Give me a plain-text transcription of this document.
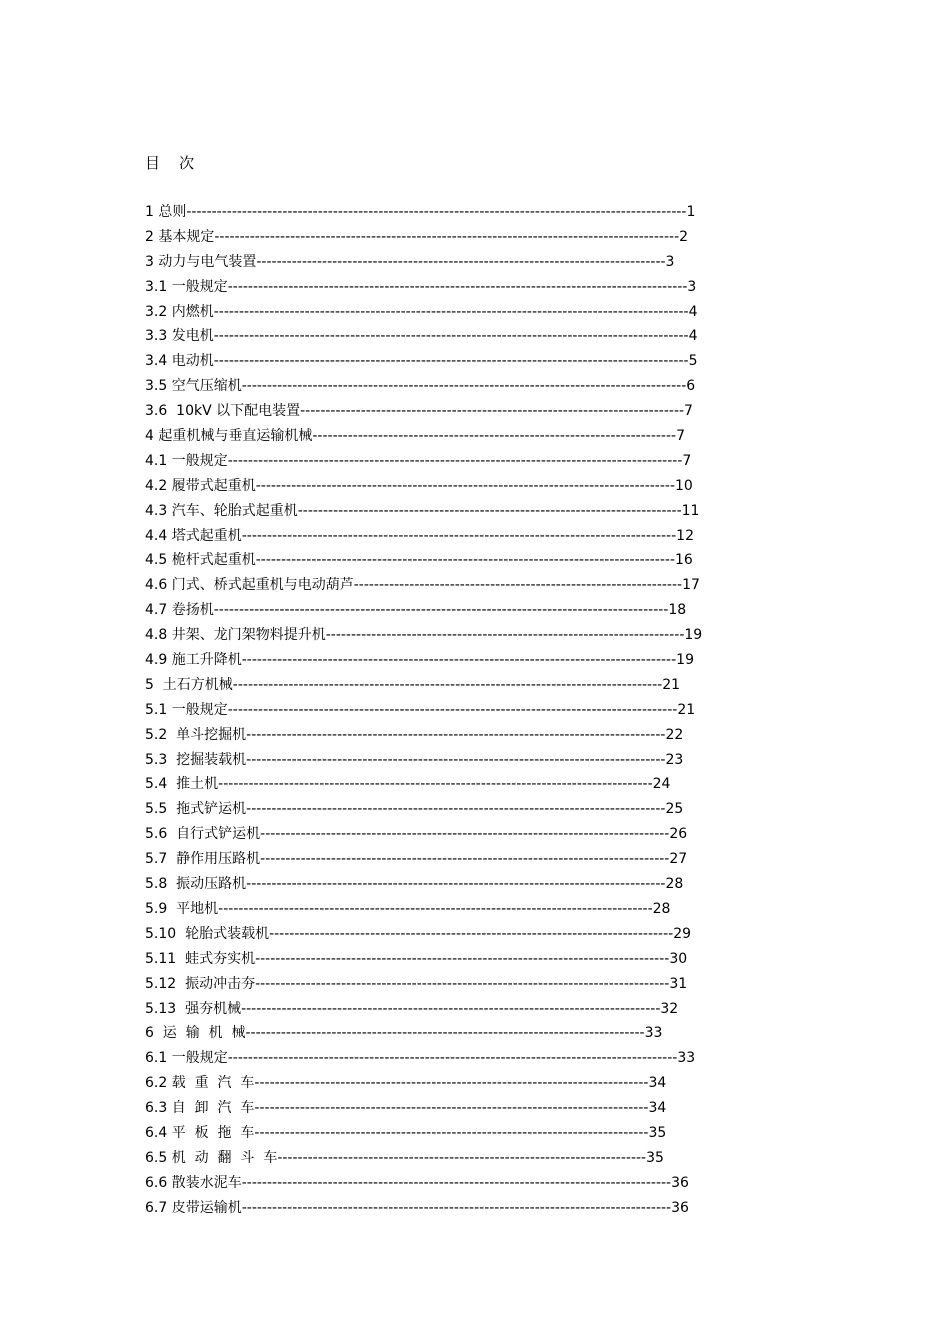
目    次
1 总则---------------------------------------------------------------------------------------------------1
2 基本规定--------------------------------------------------------------------------------------------2
3 动力与电气装置---------------------------------------------------------------------------------3
3.1 一般规定-------------------------------------------------------------------------------------------3
3.2 内燃机----------------------------------------------------------------------------------------------4
3.3 发电机----------------------------------------------------------------------------------------------4
3.4 电动机----------------------------------------------------------------------------------------------5
3.5 空气压缩机----------------------------------------------------------------------------------------6
3.6  10kV 以下配电装置----------------------------------------------------------------------------7
4 起重机械与垂直运输机械------------------------------------------------------------------------7
4.1 一般规定------------------------------------------------------------------------------------------7
4.2 履带式起重机-----------------------------------------------------------------------------------10
4.3 汽车、轮胎式起重机----------------------------------------------------------------------------11
4.4 塔式起重机--------------------------------------------------------------------------------------12
4.5 桅杆式起重机-----------------------------------------------------------------------------------16
4.6 门式、桥式起重机与电动葫芦-----------------------------------------------------------------17
4.7 卷扬机------------------------------------------------------------------------------------------18
4.8 井架、龙门架物料提升机-----------------------------------------------------------------------19
4.9 施工升降机--------------------------------------------------------------------------------------19
5  土石方机械-------------------------------------------------------------------------------------21
5.1 一般规定-----------------------------------------------------------------------------------------21
5.2  单斗挖掘机-----------------------------------------------------------------------------------22
5.3  挖掘装载机-----------------------------------------------------------------------------------23
5.4  推土机--------------------------------------------------------------------------------------24
5.5  拖式铲运机-----------------------------------------------------------------------------------25
5.6  自行式铲运机---------------------------------------------------------------------------------26
5.7  静作用压路机---------------------------------------------------------------------------------27
5.8  振动压路机-----------------------------------------------------------------------------------28
5.9  平地机--------------------------------------------------------------------------------------28
5.10  轮胎式装载机--------------------------------------------------------------------------------29
5.11  蛙式夯实机----------------------------------------------------------------------------------30
5.12  振动冲击夯----------------------------------------------------------------------------------31
5.13  强夯机械-----------------------------------------------------------------------------------32
6  运  输  机  械-------------------------------------------------------------------------------33
6.1 一般规定-----------------------------------------------------------------------------------------33
6.2 载  重  汽  车------------------------------------------------------------------------------34
6.3 自  卸  汽  车------------------------------------------------------------------------------34
6.4 平  板  拖  车------------------------------------------------------------------------------35
6.5 机  动  翻  斗  车-------------------------------------------------------------------------35
6.6 散装水泥车-------------------------------------------------------------------------------------36
6.7 皮带运输机-------------------------------------------------------------------------------------36
